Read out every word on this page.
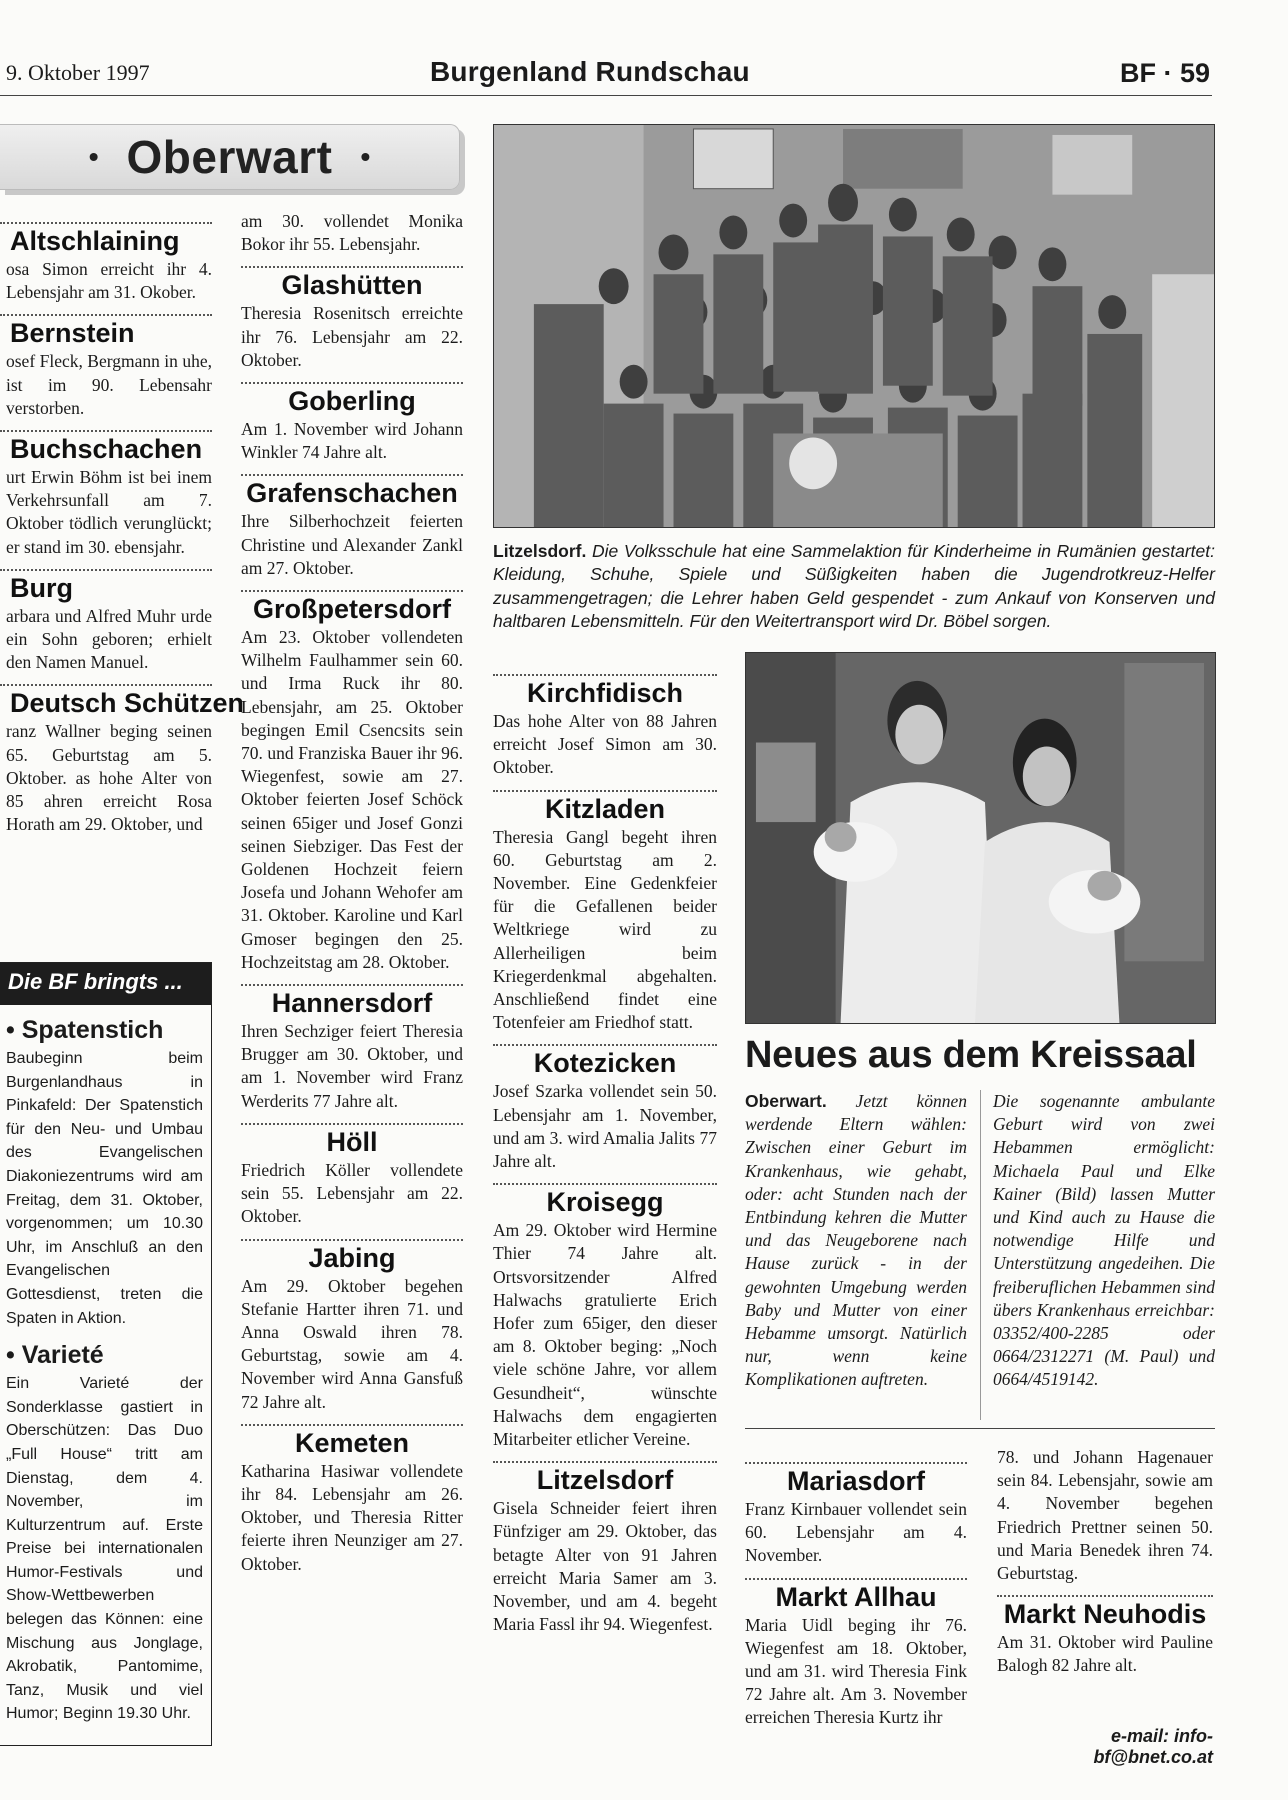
9. Oktober 1997	Burgenland Rundschau	BF · 59
• Oberwart •
Altschlaining
osa Simon erreicht ihr 4. Lebensjahr am 31. Okober.
Bernstein
osef Fleck, Bergmann in uhe, ist im 90. Lebensahr verstorben.
Buchschachen
urt Erwin Böhm ist bei inem Verkehrsunfall am 7. Oktober tödlich verunglückt; er stand im 30. ebensjahr.
Burg
arbara und Alfred Muhr urde ein Sohn geboren; erhielt den Namen Manuel.
Deutsch Schützen
ranz Wallner beging seinen 65. Geburtstag am 5. Oktober. as hohe Alter von 85 ahren erreicht Rosa Horath am 29. Oktober, und
Die BF bringts ...
• Spatenstich
Baubeginn beim Burgenlandhaus in Pinkafeld: Der Spatenstich für den Neu- und Umbau des Evangelischen Diakoniezentrums wird am Freitag, dem 31. Oktober, vorgenommen; um 10.30 Uhr, im Anschluß an den Evangelischen Gottesdienst, treten die Spaten in Aktion.
• Varieté
Ein Varieté der Sonderklasse gastiert in Oberschützen: Das Duo „Full House“ tritt am Dienstag, dem 4. November, im Kulturzentrum auf. Erste Preise bei internationalen Humor-Festivals und Show-Wettbewerben belegen das Können: eine Mischung aus Jonglage, Akrobatik, Pantomime, Tanz, Musik und viel Humor; Beginn 19.30 Uhr.
am 30. vollendet Monika Bokor ihr 55. Lebensjahr.
Glashütten
Theresia Rosenitsch erreichte ihr 76. Lebensjahr am 22. Oktober.
Goberling
Am 1. November wird Johann Winkler 74 Jahre alt.
Grafenschachen
Ihre Silberhochzeit feierten Christine und Alexander Zankl am 27. Oktober.
Großpetersdorf
Am 23. Oktober vollendeten Wilhelm Faulhammer sein 60. und Irma Ruck ihr 80. Lebensjahr, am 25. Oktober begingen Emil Csencsits sein 70. und Franziska Bauer ihr 96. Wiegenfest, sowie am 27. Oktober feierten Josef Schöck seinen 65iger und Josef Gonzi seinen Siebziger. Das Fest der Goldenen Hochzeit feiern Josefa und Johann Wehofer am 31. Oktober. Karoline und Karl Gmoser begingen den 25. Hochzeitstag am 28. Oktober.
Hannersdorf
Ihren Sechziger feiert Theresia Brugger am 30. Oktober, und am 1. November wird Franz Werderits 77 Jahre alt.
Höll
Friedrich Köller vollendete sein 55. Lebensjahr am 22. Oktober.
Jabing
Am 29. Oktober begehen Stefanie Hartter ihren 71. und Anna Oswald ihren 78. Geburtstag, sowie am 4. November wird Anna Gansfuß 72 Jahre alt.
Kemeten
Katharina Hasiwar vollendete ihr 84. Lebensjahr am 26. Oktober, und Theresia Ritter feierte ihren Neunziger am 27. Oktober.
Litzelsdorf. Die Volksschule hat eine Sammelaktion für Kinderheime in Rumänien gestartet: Kleidung, Schuhe, Spiele und Süßigkeiten haben die Jugendrotkreuz-Helfer zusammengetragen; die Lehrer haben Geld gespendet - zum Ankauf von Konserven und haltbaren Lebensmitteln. Für den Weitertransport wird Dr. Böbel sorgen.
Kirchfidisch
Das hohe Alter von 88 Jahren erreicht Josef Simon am 30. Oktober.
Kitzladen
Theresia Gangl begeht ihren 60. Geburtstag am 2. November. Eine Gedenkfeier für die Gefallenen beider Weltkriege wird zu Allerheiligen beim Kriegerdenkmal abgehalten. Anschließend findet eine Totenfeier am Friedhof statt.
Kotezicken
Josef Szarka vollendet sein 50. Lebensjahr am 1. November, und am 3. wird Amalia Jalits 77 Jahre alt.
Kroisegg
Am 29. Oktober wird Hermine Thier 74 Jahre alt. Ortsvorsitzender Alfred Halwachs gratulierte Erich Hofer zum 65iger, den dieser am 8. Oktober beging: „Noch viele schöne Jahre, vor allem Gesundheit“, wünschte Halwachs dem engagierten Mitarbeiter etlicher Vereine.
Litzelsdorf
Gisela Schneider feiert ihren Fünfziger am 29. Oktober, das betagte Alter von 91 Jahren erreicht Maria Samer am 3. November, und am 4. begeht Maria Fassl ihr 94. Wiegenfest.
Neues aus dem Kreissaal
Oberwart. Jetzt können werdende Eltern wählen: Zwischen einer Geburt im Krankenhaus, wie gehabt, oder: acht Stunden nach der Entbindung kehren die Mutter und das Neugeborene nach Hause zurück - in der gewohnten Umgebung werden Baby und Mutter von einer Hebamme umsorgt. Natürlich nur, wenn keine Komplikationen auftreten.
Die sogenannte ambulante Geburt wird von zwei Hebammen ermöglicht: Michaela Paul und Elke Kainer (Bild) lassen Mutter und Kind auch zu Hause die notwendige Hilfe und Unterstützung angedeihen. Die freiberuflichen Hebammen sind übers Krankenhaus erreichbar: 03352/400-2285 oder 0664/2312271 (M. Paul) und 0664/4519142.
Mariasdorf
Franz Kirnbauer vollendet sein 60. Lebensjahr am 4. November.
Markt Allhau
Maria Uidl beging ihr 76. Wiegenfest am 18. Oktober, und am 31. wird Theresia Fink 72 Jahre alt. Am 3. November erreichen Theresia Kurtz ihr
78. und Johann Hagenauer sein 84. Lebensjahr, sowie am 4. November begehen Friedrich Prettner seinen 50. und Maria Benedek ihren 74. Geburtstag.
Markt Neuhodis
Am 31. Oktober wird Pauline Balogh 82 Jahre alt.
e-mail: info-bf@bnet.co.at
